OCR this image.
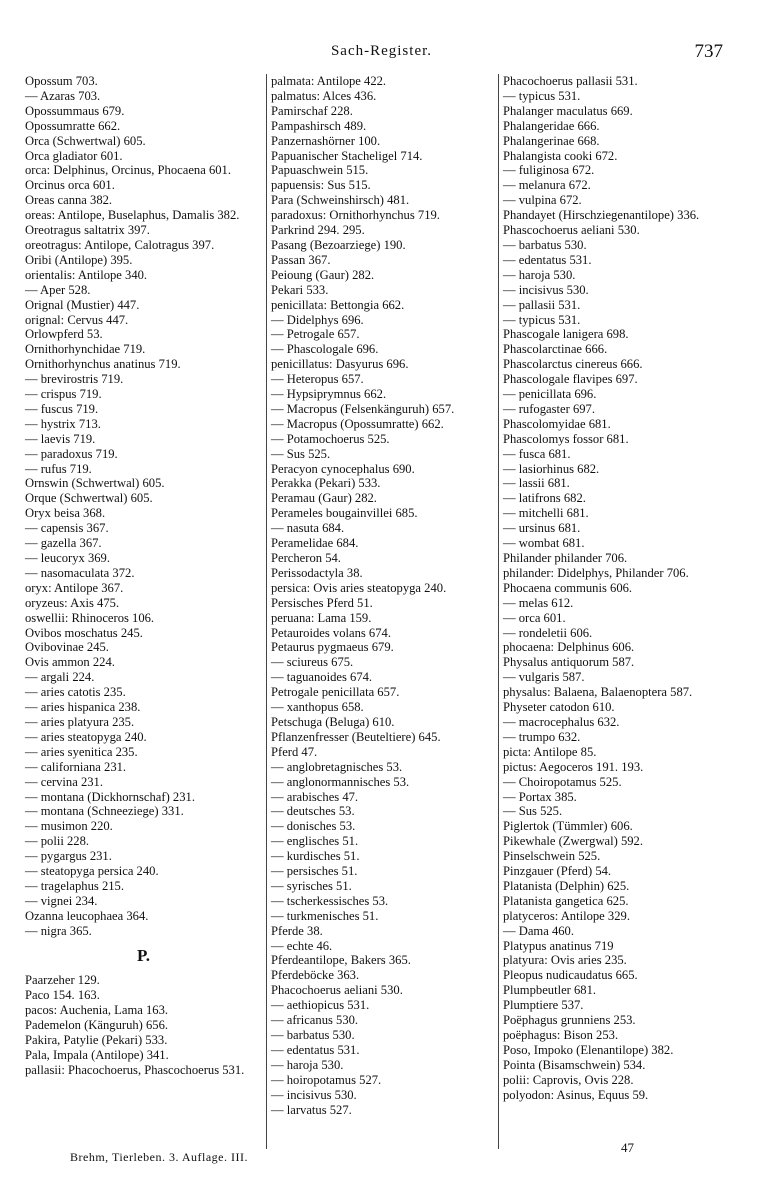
Sach-Register.	737
Opossum 703.
— Azaras 703.
Opossummaus 679.
Opossumratte 662.
Orca (Schwertwal) 605.
Orca gladiator 601.
orca: Delphinus, Orcinus, Phocaena 601.
Orcinus orca 601.
Oreas canna 382.
oreas: Antilope, Buselaphus, Damalis 382.
Oreotragus saltatrix 397.
oreotragus: Antilope, Calotragus 397.
Oribi (Antilope) 395.
orientalis: Antilope 340.
— Aper 528.
Orignal (Mustier) 447.
orignal: Cervus 447.
Orlowpferd 53.
Ornithorhynchidae 719.
Ornithorhynchus anatinus 719.
— brevirostris 719.
— crispus 719.
— fuscus 719.
— hystrix 713.
— laevis 719.
— paradoxus 719.
— rufus 719.
Ornswin (Schwertwal) 605.
Orque (Schwertwal) 605.
Oryx beisa 368.
— capensis 367.
— gazella 367.
— leucoryx 369.
— nasomaculata 372.
oryx: Antilope 367.
oryzeus: Axis 475.
oswellii: Rhinoceros 106.
Ovibos moschatus 245.
Ovibovinae 245.
Ovis ammon 224.
— argali 224.
— aries catotis 235.
— aries hispanica 238.
— aries platyura 235.
— aries steatopyga 240.
— aries syenitica 235.
— californiana 231.
— cervina 231.
— montana (Dickhornschaf) 231.
— montana (Schneeziege) 331.
— musimon 220.
— polii 228.
— pygargus 231.
— steatopyga persica 240.
— tragelaphus 215.
— vignei 234.
Ozanna leucophaea 364.
— nigra 365.
P.
Paarzeher 129.
Paco 154. 163.
pacos: Auchenia, Lama 163.
Pademelon (Känguruh) 656.
Pakira, Patylie (Pekari) 533.
Pala, Impala (Antilope) 341.
pallasii: Phacochoerus, Phascochoerus 531.
palmata: Antilope 422.
palmatus: Alces 436.
Pamirschaf 228.
Pampashirsch 489.
Panzernashörner 100.
Papuanischer Stacheligel 714.
Papuaschwein 515.
papuensis: Sus 515.
Para (Schweinshirsch) 481.
paradoxus: Ornithorhynchus 719.
Parkrind 294. 295.
Pasang (Bezoarziege) 190.
Passan 367.
Peioung (Gaur) 282.
Pekari 533.
penicillata: Bettongia 662.
— Didelphys 696.
— Petrogale 657.
— Phascologale 696.
penicillatus: Dasyurus 696.
— Heteropus 657.
— Hypsiprymnus 662.
— Macropus (Felsenkänguruh) 657.
— Macropus (Opossumratte) 662.
— Potamochoerus 525.
— Sus 525.
Peracyon cynocephalus 690.
Perakka (Pekari) 533.
Peramau (Gaur) 282.
Perameles bougainvillei 685.
— nasuta 684.
Peramelidae 684.
Percheron 54.
Perissodactyla 38.
persica: Ovis aries steatopyga 240.
Persisches Pferd 51.
peruana: Lama 159.
Petauroides volans 674.
Petaurus pygmaeus 679.
— sciureus 675.
— taguanoides 674.
Petrogale penicillata 657.
— xanthopus 658.
Petschuga (Beluga) 610.
Pflanzenfresser (Beuteltiere) 645.
Pferd 47.
— anglobretagnisches 53.
— anglonormannisches 53.
— arabisches 47.
— deutsches 53.
— donisches 53.
— englisches 51.
— kurdisches 51.
— persisches 51.
— syrisches 51.
— tscherkessisches 53.
— turkmenisches 51.
Pferde 38.
— echte 46.
Pferdeantilope, Bakers 365.
Pferdeböcke 363.
Phacochoerus aeliani 530.
— aethiopicus 531.
— africanus 530.
— barbatus 530.
— edentatus 531.
— haroja 530.
— hoiropotamus 527.
— incisivus 530.
— larvatus 527.
Phacochoerus pallasii 531.
— typicus 531.
Phalanger maculatus 669.
Phalangeridae 666.
Phalangerinae 668.
Phalangista cooki 672.
— fuliginosa 672.
— melanura 672.
— vulpina 672.
Phandayet (Hirschziegenantilope) 336.
Phascochoerus aeliani 530.
— barbatus 530.
— edentatus 531.
— haroja 530.
— incisivus 530.
— pallasii 531.
— typicus 531.
Phascogale lanigera 698.
Phascolarctinae 666.
Phascolarctus cinereus 666.
Phascologale flavipes 697.
— penicillata 696.
— rufogaster 697.
Phascolomyidae 681.
Phascolomys fossor 681.
— fusca 681.
— lasiorhinus 682.
— lassii 681.
— latifrons 682.
— mitchelli 681.
— ursinus 681.
— wombat 681.
Philander philander 706.
philander: Didelphys, Philander 706.
Phocaena communis 606.
— melas 612.
— orca 601.
— rondeletii 606.
phocaena: Delphinus 606.
Physalus antiquorum 587.
— vulgaris 587.
physalus: Balaena, Balaenoptera 587.
Physeter catodon 610.
— macrocephalus 632.
— trumpo 632.
picta: Antilope 85.
pictus: Aegoceros 191. 193.
— Choiropotamus 525.
— Portax 385.
— Sus 525.
Piglertok (Tümmler) 606.
Pikewhale (Zwergwal) 592.
Pinselschwein 525.
Pinzgauer (Pferd) 54.
Platanista (Delphin) 625.
Platanista gangetica 625.
platyceros: Antilope 329.
— Dama 460.
Platypus anatinus 719
platyura: Ovis aries 235.
Pleopus nudicaudatus 665.
Plumpbeutler 681.
Plumptiere 537.
Poëphagus grunniens 253.
poëphagus: Bison 253.
Poso, Impoko (Elenantilope) 382.
Pointa (Bisamschwein) 534.
polii: Caprovis, Ovis 228.
polyodon: Asinus, Equus 59.
Brehm, Tierleben. 3. Auflage. III.
47
